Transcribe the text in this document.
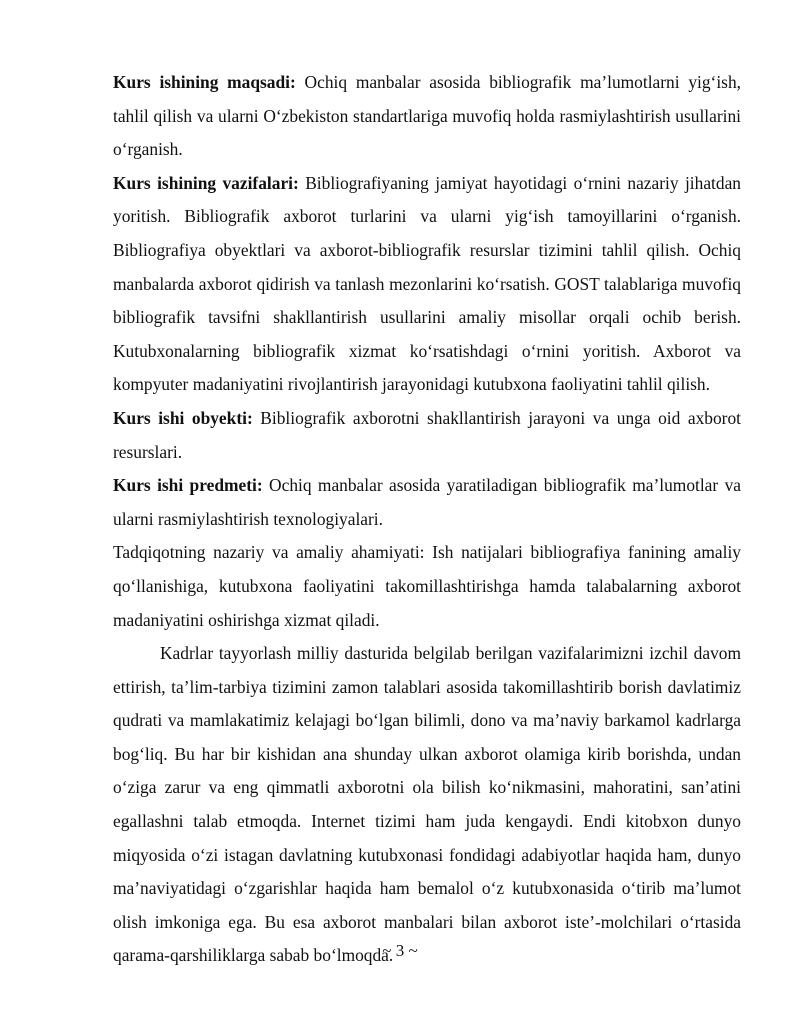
Kurs ishining maqsadi: Ochiq manbalar asosida bibliografik ma’lumotlarni yig‘ish, tahlil qilish va ularni O‘zbekiston standartlariga muvofiq holda rasmiylashtirish usullarini o‘rganish.

Kurs ishining vazifalari: Bibliografiyaning jamiyat hayotidagi o‘rnini nazariy jihatdan yoritish. Bibliografik axborot turlarini va ularni yig‘ish tamoyillarini o‘rganish. Bibliografiya obyektlari va axborot-bibliografik resurslar tizimini tahlil qilish. Ochiq manbalarda axborot qidirish va tanlash mezonlarini ko‘rsatish. GOST talablariga muvofiq bibliografik tavsifni shakllantirish usullarini amaliy misollar orqali ochib berish. Kutubxonalarning bibliografik xizmat ko‘rsatishdagi o‘rnini yoritish. Axborot va kompyuter madaniyatini rivojlantirish jarayonidagi kutubxona faoliyatini tahlil qilish.

Kurs ishi obyekti: Bibliografik axborotni shakllantirish jarayoni va unga oid axborot resurslari.

Kurs ishi predmeti: Ochiq manbalar asosida yaratiladigan bibliografik ma’lumotlar va ularni rasmiylashtirish texnologiyalari.

Tadqiqotning nazariy va amaliy ahamiyati: Ish natijalari bibliografiya fanining amaliy qo‘llanishiga, kutubxona faoliyatini takomillashtirishga hamda talabalarning axborot madaniyatini oshirishga xizmat qiladi.

Kadrlar tayyorlash milliy dasturida belgilab berilgan vazifalarimizni izchil davom ettirish, ta’lim-tarbiya tizimini zamon talablari asosida takomillashtirib borish davlatimiz qudrati va mamlakatimiz kelajagi bo‘lgan bilimli, dono va ma’naviy barkamol kadrlarga bog‘liq. Bu har bir kishidan ana shunday ulkan axborot olamiga kirib borishda, undan o‘ziga zarur va eng qimmatli axborotni ola bilish ko‘nikmasini, mahoratini, san’atini egallashni talab etmoqda. Internet tizimi ham juda kengaydi. Endi kitobxon dunyo miqyosida o‘zi istagan davlatning kutubxonasi fondidagi adabiyotlar haqida ham, dunyo ma’naviyatidagi o‘zgarishlar haqida ham bemalol o‘z kutubxonasida o‘tirib ma’lumot olish imkoniga ega. Bu esa axborot manbalari bilan axborot iste’-molchilari o‘rtasida qarama-qarshiliklarga sabab bo‘lmoqda.

~ 3 ~
